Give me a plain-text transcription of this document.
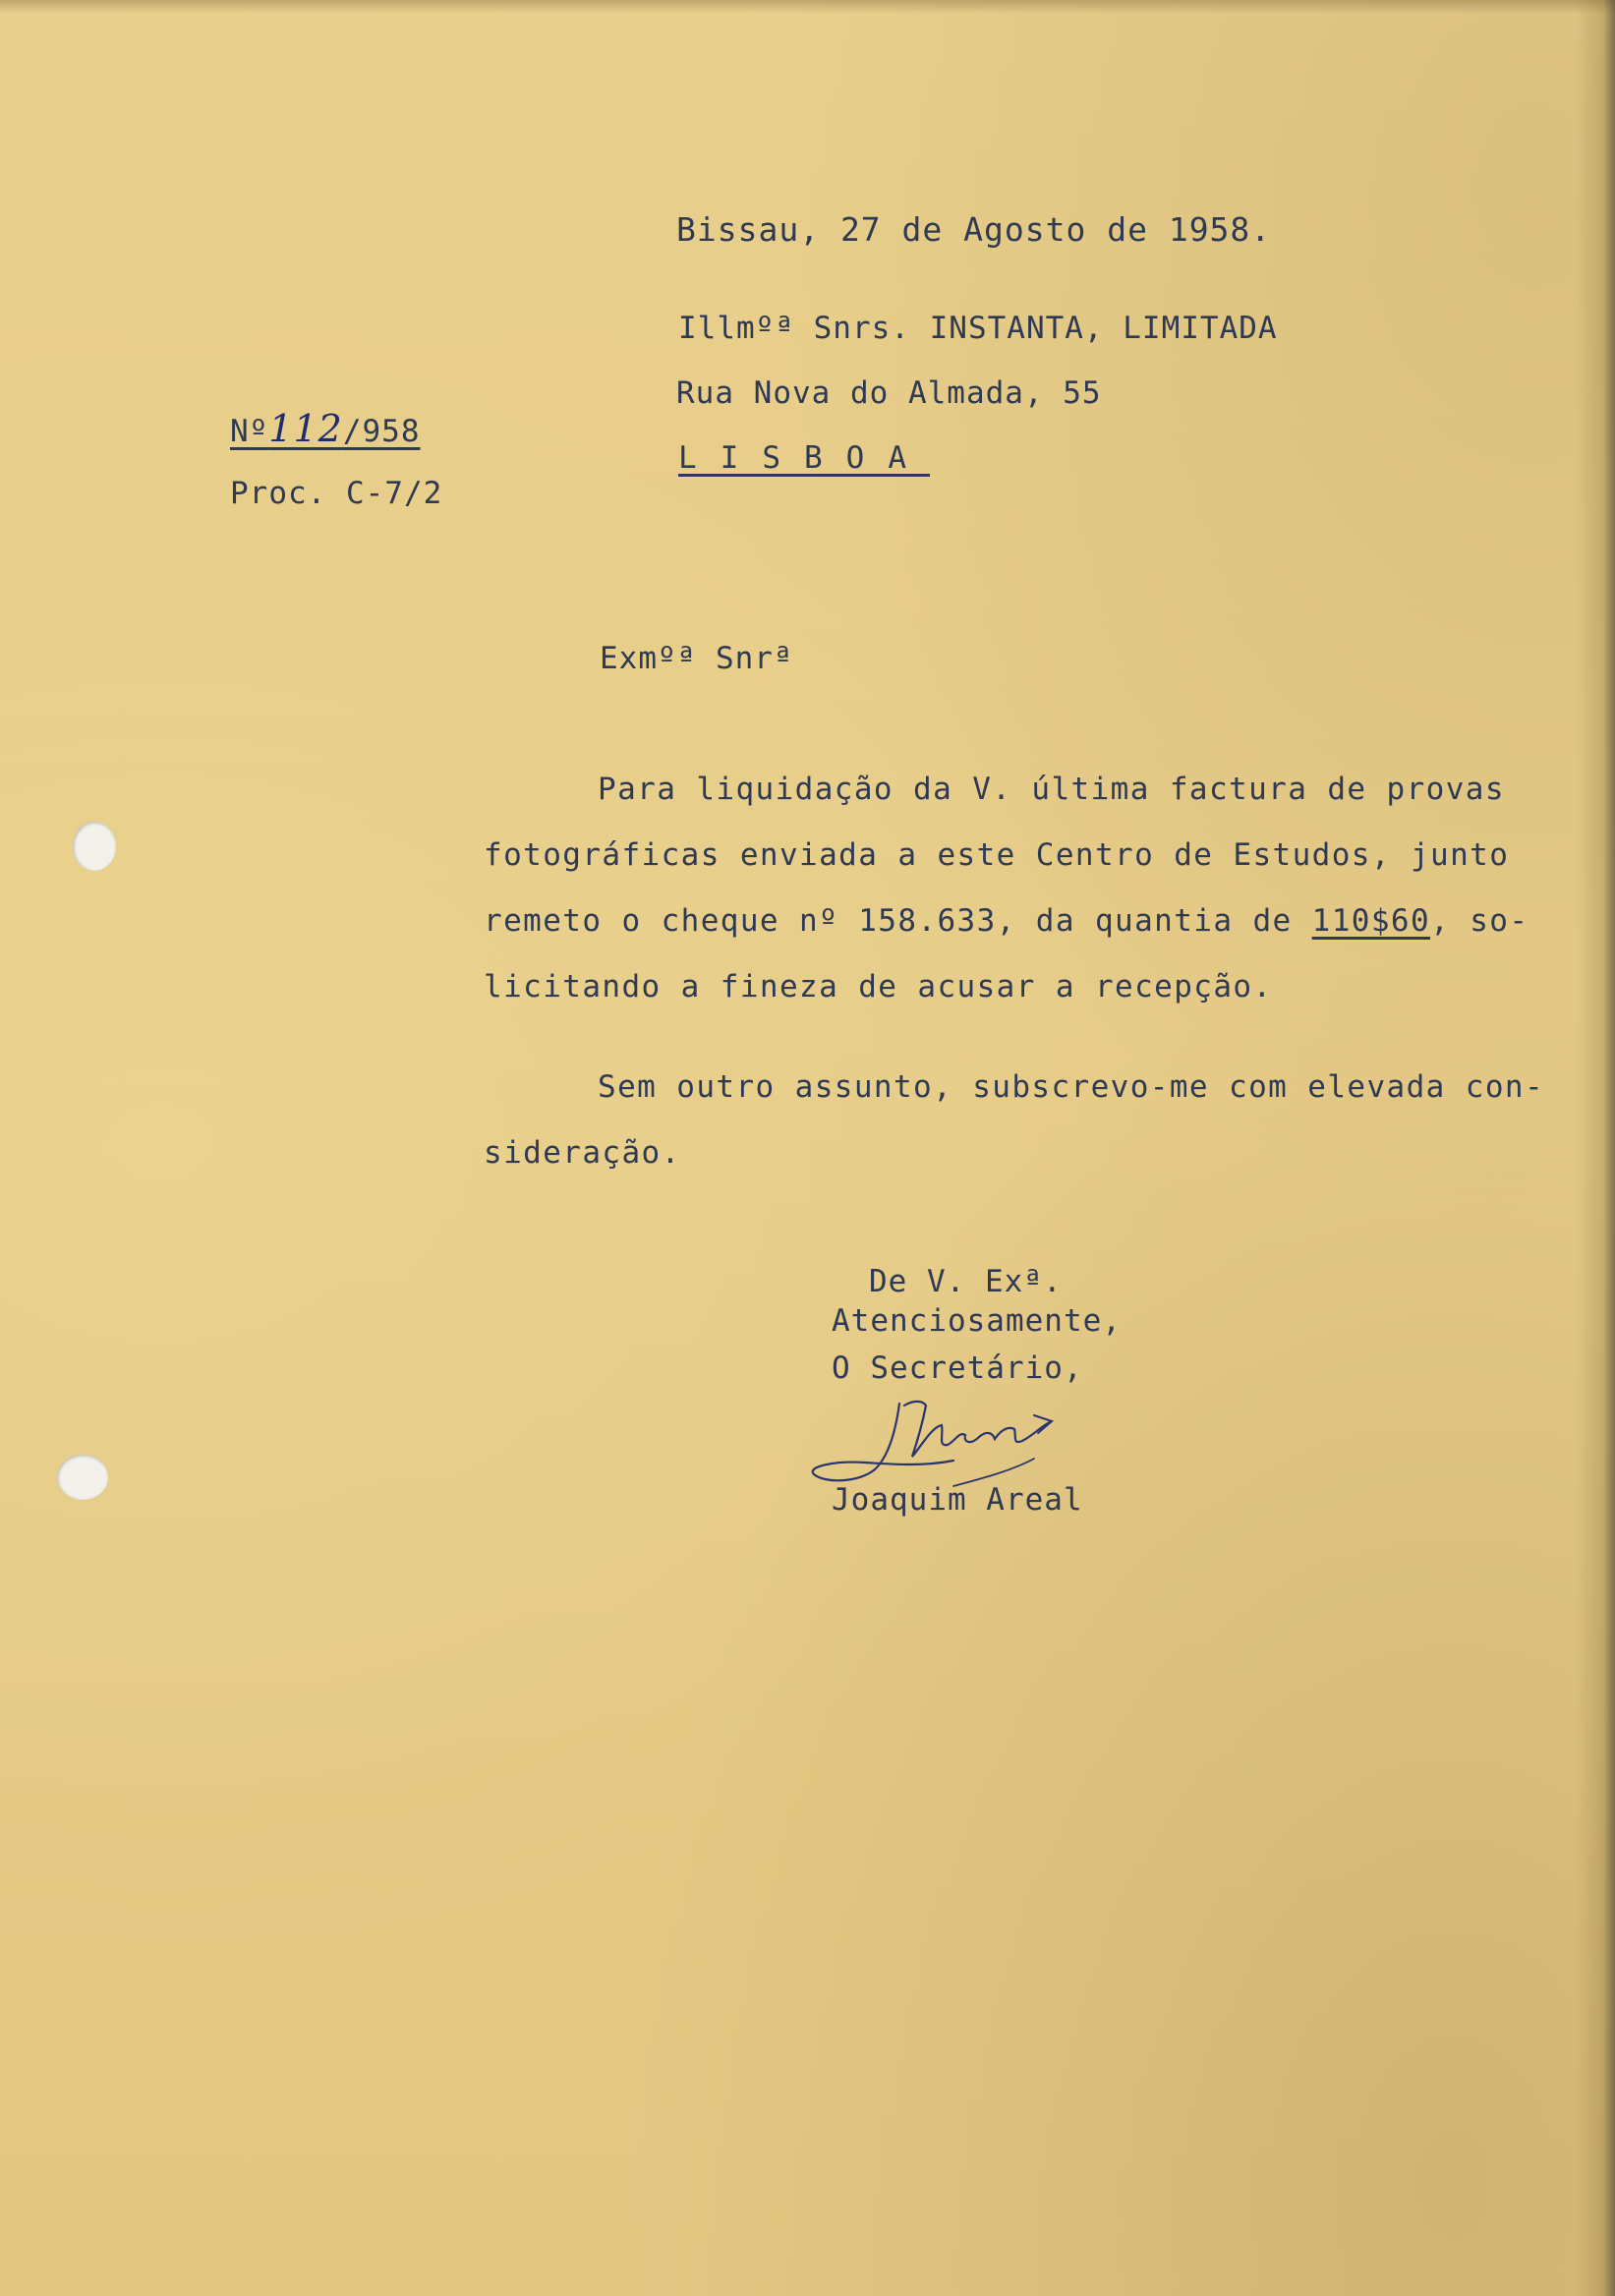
Bissau, 27 de Agosto de 1958.
Illmºª Snrs. INSTANTA, LIMITADA
Rua Nova do Almada, 55
LISBOA
Nº112/958
Proc. C-7/2
Exmºª Snrª
Para liquidação da V. última factura de provas
fotográficas enviada a este Centro de Estudos, junto
remeto o cheque nº 158.633, da quantia de 110$60, so-
licitando a fineza de acusar a recepção.
Sem outro assunto, subscrevo-me com elevada con-
sideração.
De V. Exª.
Atenciosamente,
O Secretário,
Joaquim Areal
